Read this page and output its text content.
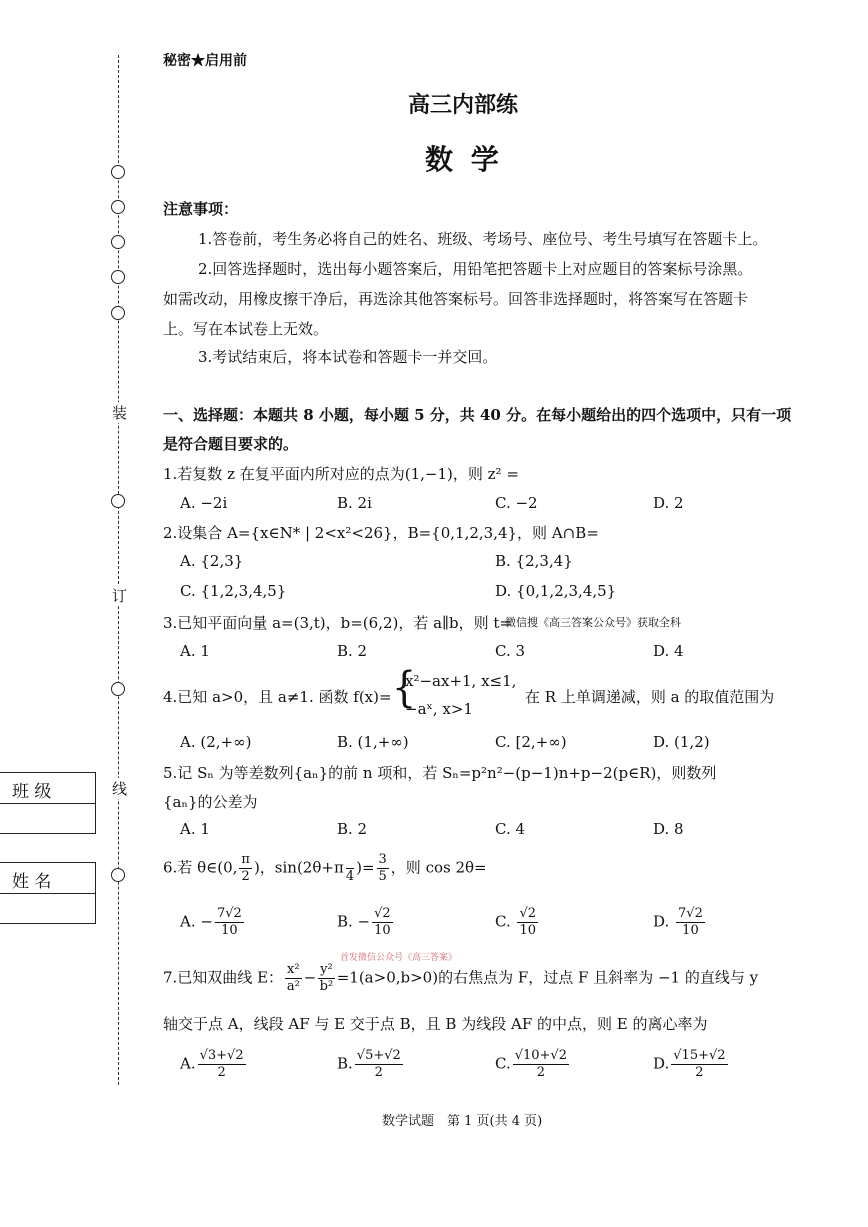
装
订
线
班 级
姓 名
秘密★启用前
高三内部练
数 学
注意事项：
1.答卷前，考生务必将自己的姓名、班级、考场号、座位号、考生号填写在答题卡上。
2.回答选择题时，选出每小题答案后，用铅笔把答题卡上对应题目的答案标号涂黑。
如需改动，用橡皮擦干净后，再选涂其他答案标号。回答非选择题时，将答案写在答题卡
上。写在本试卷上无效。
3.考试结束后，将本试卷和答题卡一并交回。
一、选择题：本题共 8 小题，每小题 5 分，共 40 分。在每小题给出的四个选项中，只有一项
是符合题目要求的。
1.若复数 z 在复平面内所对应的点为(1,−1)，则 z² =
A. −2i	B. 2i	C. −2	D. 2
2.设集合 A={x∈N* | 2<x²<26}，B={0,1,2,3,4}，则 A∩B=
A. {2,3}	B. {2,3,4}
C. {1,2,3,4,5}	D. {0,1,2,3,4,5}
3.已知平面向量 a=(3,t)，b=(6,2)，若 a∥b，则 t=
微信搜《高三答案公众号》获取全科
A. 1	B. 2	C. 3	D. 4
4.已知 a>0，且 a≠1. 函数 f(x)= {
x²−ax+1, x≤1,
−aˣ, x>1
在 R 上单调递减，则 a 的取值范围为
A. (2,+∞)	B. (1,+∞)	C. [2,+∞)	D. (1,2)
5.记 Sₙ 为等差数列{aₙ}的前 n 项和，若 Sₙ=p²n²−(p−1)n+p−2(p∈R)，则数列
{aₙ}的公差为
A. 1	B. 2	C. 4	D. 8
6.若 θ∈(0, $\frac{\pi}{2}$ )，sin(2θ+π
4 )= $\frac{3}{5}$ ，则 cos 2θ=
A. − $\frac{7√2}{10}$	B. − $\frac{√2}{10}$	C. $\frac{√2}{10}$	D. $\frac{7√2}{10}$
首发微信公众号《高三答案》
7.已知双曲线 E： $\frac{\text{x²}}{\text{a²}} - \frac{\text{y²}}{\text{b²}} =1(a>0,b>0)$的右焦点为 F，过点 F 且斜率为 −1 的直线与 y
轴交于点 A，线段 AF 与 E 交于点 B，且 B 为线段 AF 的中点，则 E 的离心率为
A. $\frac{√3+√2}{2}$	B. $\frac{√5+√2}{2}$	C. $\frac{√10+√2}{2}$	D. $\frac{√15+√2}{2}$
数学试题　第 1 页(共 4 页)
